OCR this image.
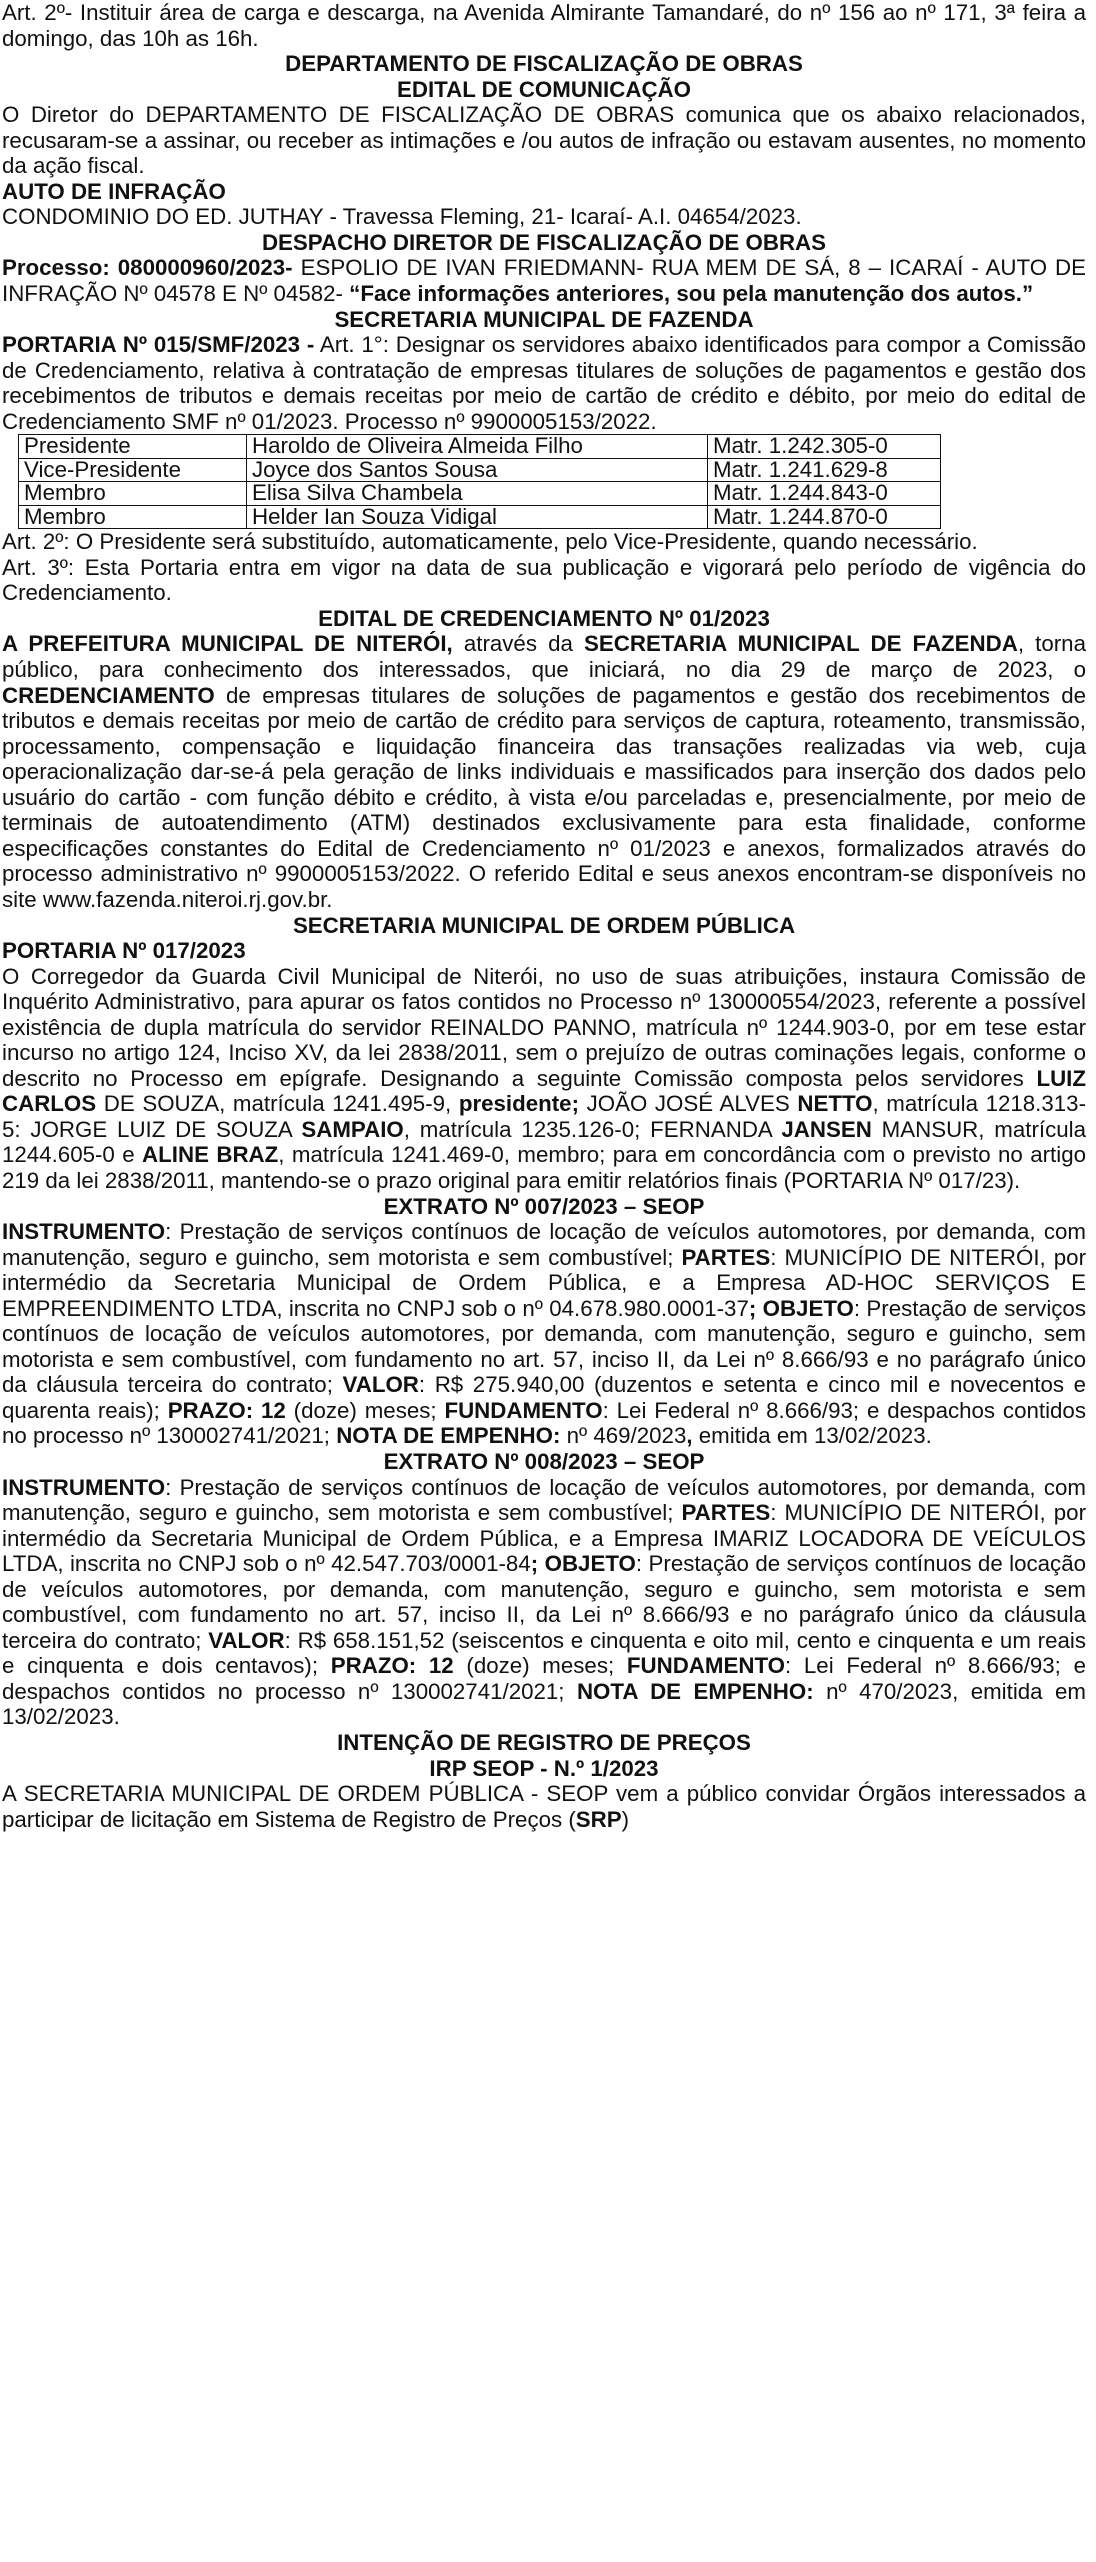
Art. 2º- Instituir área de carga e descarga, na Avenida Almirante Tamandaré, do nº 156 ao nº 171, 3ª feira a domingo, das 10h as 16h.

DEPARTAMENTO DE FISCALIZAÇÃO DE OBRAS

EDITAL DE COMUNICAÇÃO

O Diretor do DEPARTAMENTO DE FISCALIZAÇÃO DE OBRAS comunica que os abaixo relacionados, recusaram-se a assinar, ou receber as intimações e /ou autos de infração ou estavam ausentes, no momento da ação fiscal.

AUTO DE INFRAÇÃO

CONDOMINIO DO ED. JUTHAY - Travessa Fleming, 21- Icaraí- A.I. 04654/2023.

DESPACHO DIRETOR DE FISCALIZAÇÃO DE OBRAS

Processo: 080000960/2023- ESPOLIO DE IVAN FRIEDMANN- RUA MEM DE SÁ, 8 – ICARAÍ - AUTO DE INFRAÇÃO Nº 04578 E Nº 04582- “Face informações anteriores, sou pela manutenção dos autos.”

SECRETARIA MUNICIPAL DE FAZENDA

PORTARIA Nº 015/SMF/2023 - Art. 1°: Designar os servidores abaixo identificados para compor a Comissão de Credenciamento, relativa à contratação de empresas titulares de soluções de pagamentos e gestão dos recebimentos de tributos e demais receitas por meio de cartão de crédito e débito, por meio do edital de Credenciamento SMF nº 01/2023. Processo nº 9900005153/2022.

Presidente	Haroldo de Oliveira Almeida Filho	Matr. 1.242.305-0
Vice-Presidente	Joyce dos Santos Sousa	Matr. 1.241.629-8
Membro	Elisa Silva Chambela	Matr. 1.244.843-0
Membro	Helder Ian Souza Vidigal	Matr. 1.244.870-0

Art. 2º: O Presidente será substituído, automaticamente, pelo Vice-Presidente, quando necessário.

Art. 3º: Esta Portaria entra em vigor na data de sua publicação e vigorará pelo período de vigência do Credenciamento.

EDITAL DE CREDENCIAMENTO Nº 01/2023

A PREFEITURA MUNICIPAL DE NITERÓI, através da SECRETARIA MUNICIPAL DE FAZENDA, torna público, para conhecimento dos interessados, que iniciará, no dia 29 de março de 2023, o CREDENCIAMENTO de empresas titulares de soluções de pagamentos e gestão dos recebimentos de tributos e demais receitas por meio de cartão de crédito para serviços de captura, roteamento, transmissão, processamento, compensação e liquidação financeira das transações realizadas via web, cuja operacionalização dar-se-á pela geração de links individuais e massificados para inserção dos dados pelo usuário do cartão - com função débito e crédito, à vista e/ou parceladas e, presencialmente, por meio de terminais de autoatendimento (ATM) destinados exclusivamente para esta finalidade, conforme especificações constantes do Edital de Credenciamento nº 01/2023 e anexos, formalizados através do processo administrativo nº 9900005153/2022. O referido Edital e seus anexos encontram-se disponíveis no site www.fazenda.niteroi.rj.gov.br.

SECRETARIA MUNICIPAL DE ORDEM PÚBLICA

PORTARIA Nº 017/2023

O Corregedor da Guarda Civil Municipal de Niterói, no uso de suas atribuições, instaura Comissão de Inquérito Administrativo, para apurar os fatos contidos no Processo nº 130000554/2023, referente a possível existência de dupla matrícula do servidor REINALDO PANNO, matrícula nº 1244.903-0, por em tese estar incurso no artigo 124, Inciso XV, da lei 2838/2011, sem o prejuízo de outras cominações legais, conforme o descrito no Processo em epígrafe. Designando a seguinte Comissão composta pelos servidores LUIZ CARLOS DE SOUZA, matrícula 1241.495-9, presidente; JOÃO JOSÉ ALVES NETTO, matrícula 1218.313-5: JORGE LUIZ DE SOUZA SAMPAIO, matrícula 1235.126-0; FERNANDA JANSEN MANSUR, matrícula 1244.605-0 e ALINE BRAZ, matrícula 1241.469-0, membro; para em concordância com o previsto no artigo 219 da lei 2838/2011, mantendo-se o prazo original para emitir relatórios finais (PORTARIA Nº 017/23).

EXTRATO Nº 007/2023 – SEOP

INSTRUMENTO: Prestação de serviços contínuos de locação de veículos automotores, por demanda, com manutenção, seguro e guincho, sem motorista e sem combustível; PARTES: MUNICÍPIO DE NITERÓI, por intermédio da Secretaria Municipal de Ordem Pública, e a Empresa AD-HOC SERVIÇOS E EMPREENDIMENTO LTDA, inscrita no CNPJ sob o nº 04.678.980.0001-37; OBJETO: Prestação de serviços contínuos de locação de veículos automotores, por demanda, com manutenção, seguro e guincho, sem motorista e sem combustível, com fundamento no art. 57, inciso II, da Lei nº 8.666/93 e no parágrafo único da cláusula terceira do contrato; VALOR: R$ 275.940,00 (duzentos e setenta e cinco mil e novecentos e quarenta reais); PRAZO: 12 (doze) meses; FUNDAMENTO: Lei Federal nº 8.666/93; e despachos contidos no processo nº 130002741/2021; NOTA DE EMPENHO: nº 469/2023, emitida em 13/02/2023.

EXTRATO Nº 008/2023 – SEOP

INSTRUMENTO: Prestação de serviços contínuos de locação de veículos automotores, por demanda, com manutenção, seguro e guincho, sem motorista e sem combustível; PARTES: MUNICÍPIO DE NITERÓI, por intermédio da Secretaria Municipal de Ordem Pública, e a Empresa IMARIZ LOCADORA DE VEÍCULOS LTDA, inscrita no CNPJ sob o nº 42.547.703/0001-84; OBJETO: Prestação de serviços contínuos de locação de veículos automotores, por demanda, com manutenção, seguro e guincho, sem motorista e sem combustível, com fundamento no art. 57, inciso II, da Lei nº 8.666/93 e no parágrafo único da cláusula terceira do contrato; VALOR: R$ 658.151,52 (seiscentos e cinquenta e oito mil, cento e cinquenta e um reais e cinquenta e dois centavos); PRAZO: 12 (doze) meses; FUNDAMENTO: Lei Federal nº 8.666/93; e despachos contidos no processo nº 130002741/2021; NOTA DE EMPENHO: nº 470/2023, emitida em 13/02/2023.

INTENÇÃO DE REGISTRO DE PREÇOS

IRP SEOP - N.º 1/2023

A SECRETARIA MUNICIPAL DE ORDEM PÚBLICA - SEOP vem a público convidar Órgãos interessados a participar de licitação em Sistema de Registro de Preços (SRP)
